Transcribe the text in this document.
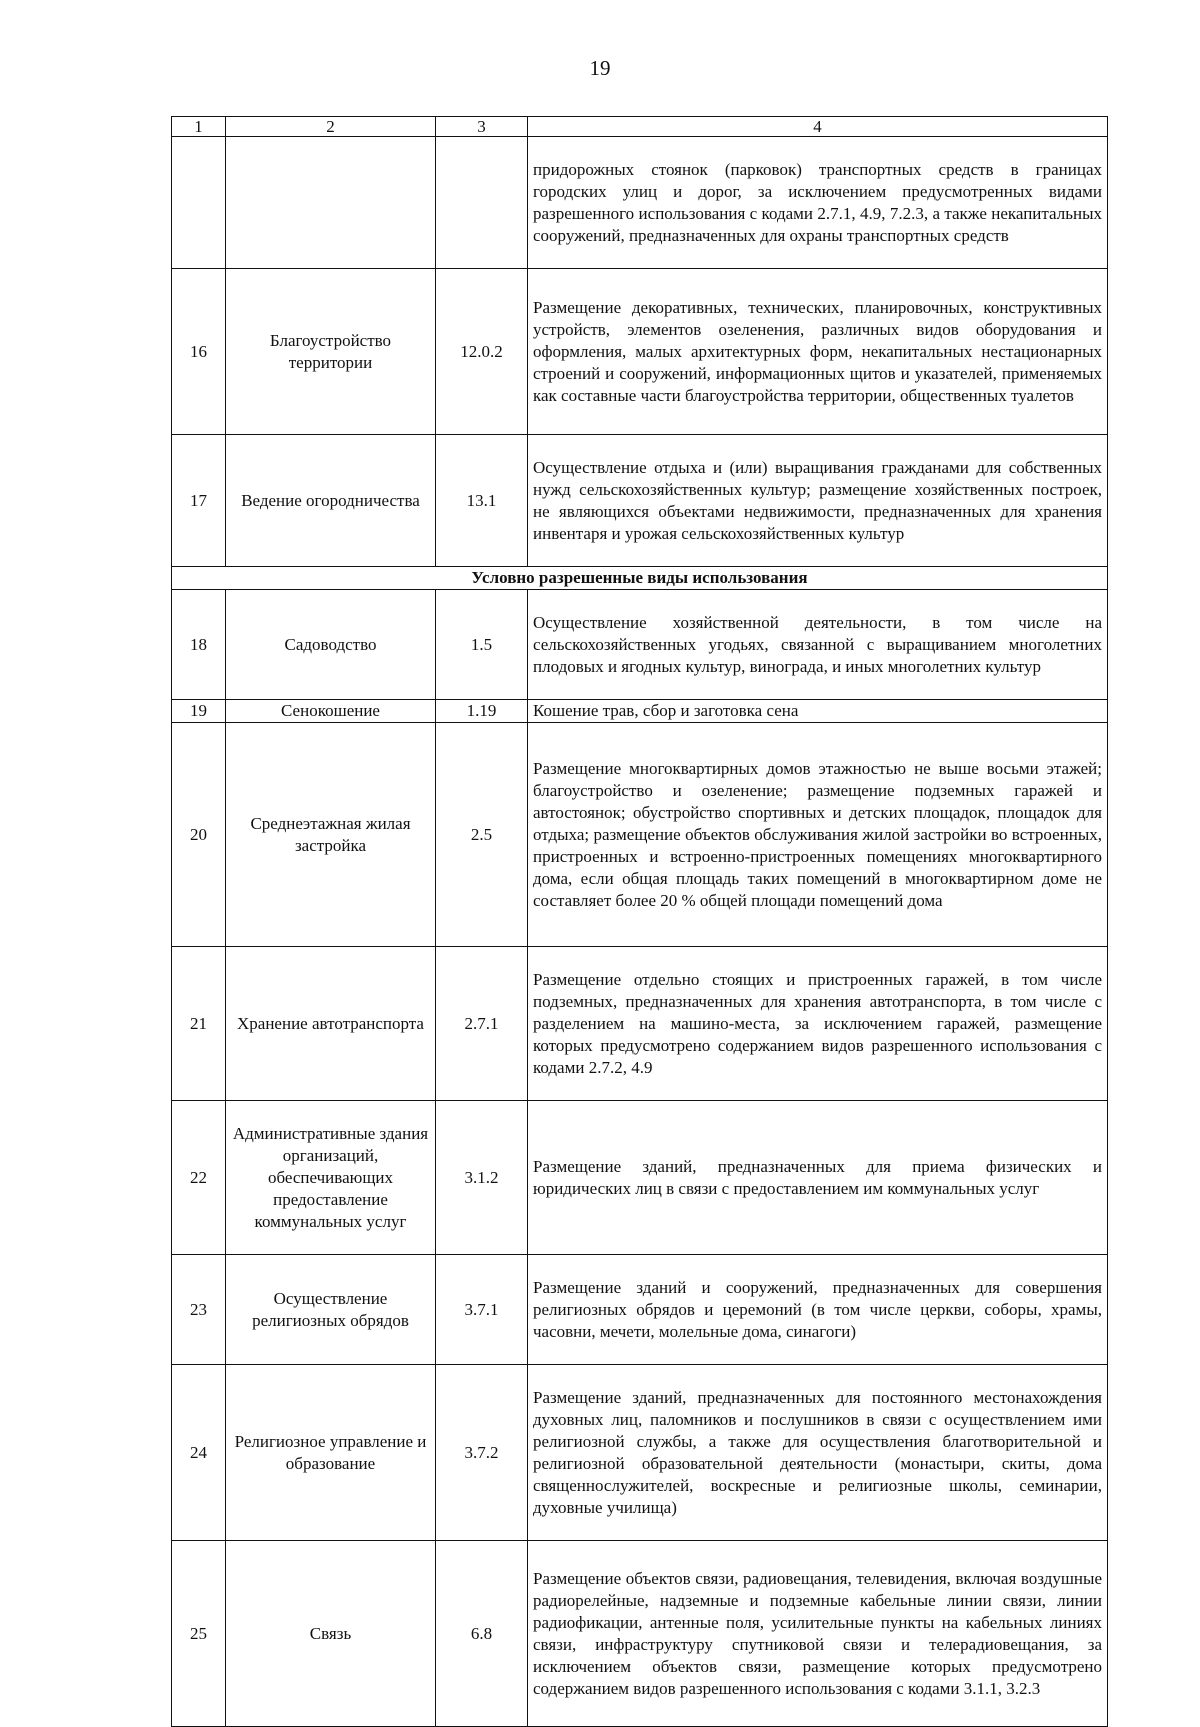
19
1	2	3	4
			придорожных стоянок (парковок) транспортных средств в границах городских улиц и дорог, за исключением предусмотренных видами разрешенного использования с кодами 2.7.1, 4.9, 7.2.3, а также некапитальных сооружений, предназначенных для охраны транспортных средств
16	Благоустройство территории	12.0.2	Размещение декоративных, технических, планировочных, конструктивных устройств, элементов озеленения, различных видов оборудования и оформления, малых архитектурных форм, некапитальных нестационарных строений и сооружений, информационных щитов и указателей, применяемых как составные части благоустройства территории, общественных туалетов
17	Ведение огородничества	13.1	Осуществление отдыха и (или) выращивания гражданами для собственных нужд сельскохозяйственных культур; размещение хозяйственных построек, не являющихся объектами недвижимости, предназначенных для хранения инвентаря и урожая сельскохозяйственных культур
Условно разрешенные виды использования			
18	Садоводство	1.5	Осуществление хозяйственной деятельности, в том числе на сельскохозяйственных угодьях, связанной с выращиванием многолетних плодовых и ягодных культур, винограда, и иных многолетних культур
19	Сенокошение	1.19	Кошение трав, сбор и заготовка сена
20	Среднеэтажная жилая застройка	2.5	Размещение многоквартирных домов этажностью не выше восьми этажей; благоустройство и озеленение; размещение подземных гаражей и автостоянок; обустройство спортивных и детских площадок, площадок для отдыха; размещение объектов обслуживания жилой застройки во встроенных, пристроенных и встроенно-пристроенных помещениях многоквартирного дома, если общая площадь таких помещений в многоквартирном доме не составляет более 20 % общей площади помещений дома
21	Хранение автотранспорта	2.7.1	Размещение отдельно стоящих и пристроенных гаражей, в том числе подземных, предназначенных для хранения автотранспорта, в том числе с разделением на машино-места, за исключением гаражей, размещение которых предусмотрено содержанием видов разрешенного использования с кодами 2.7.2, 4.9
22	Административные здания организаций, обеспечивающих предоставление коммунальных услуг	3.1.2	Размещение зданий, предназначенных для приема физических и юридических лиц в связи с предоставлением им коммунальных услуг
23	Осуществление религиозных обрядов	3.7.1	Размещение зданий и сооружений, предназначенных для совершения религиозных обрядов и церемоний (в том числе церкви, соборы, храмы, часовни, мечети, молельные дома, синагоги)
24	Религиозное управление и образование	3.7.2	Размещение зданий, предназначенных для постоянного местонахождения духовных лиц, паломников и послушников в связи с осуществлением ими религиозной службы, а также для осуществления благотворительной и религиозной образовательной деятельности (монастыри, скиты, дома священнослужителей, воскресные и религиозные школы, семинарии, духовные училища)
25	Связь	6.8	Размещение объектов связи, радиовещания, телевидения, включая воздушные радиорелейные, надземные и подземные кабельные линии связи, линии радиофикации, антенные поля, усилительные пункты на кабельных линиях связи, инфраструктуру спутниковой связи и телерадиовещания, за исключением объектов связи, размещение которых предусмотрено содержанием видов разрешенного использования с кодами 3.1.1, 3.2.3
